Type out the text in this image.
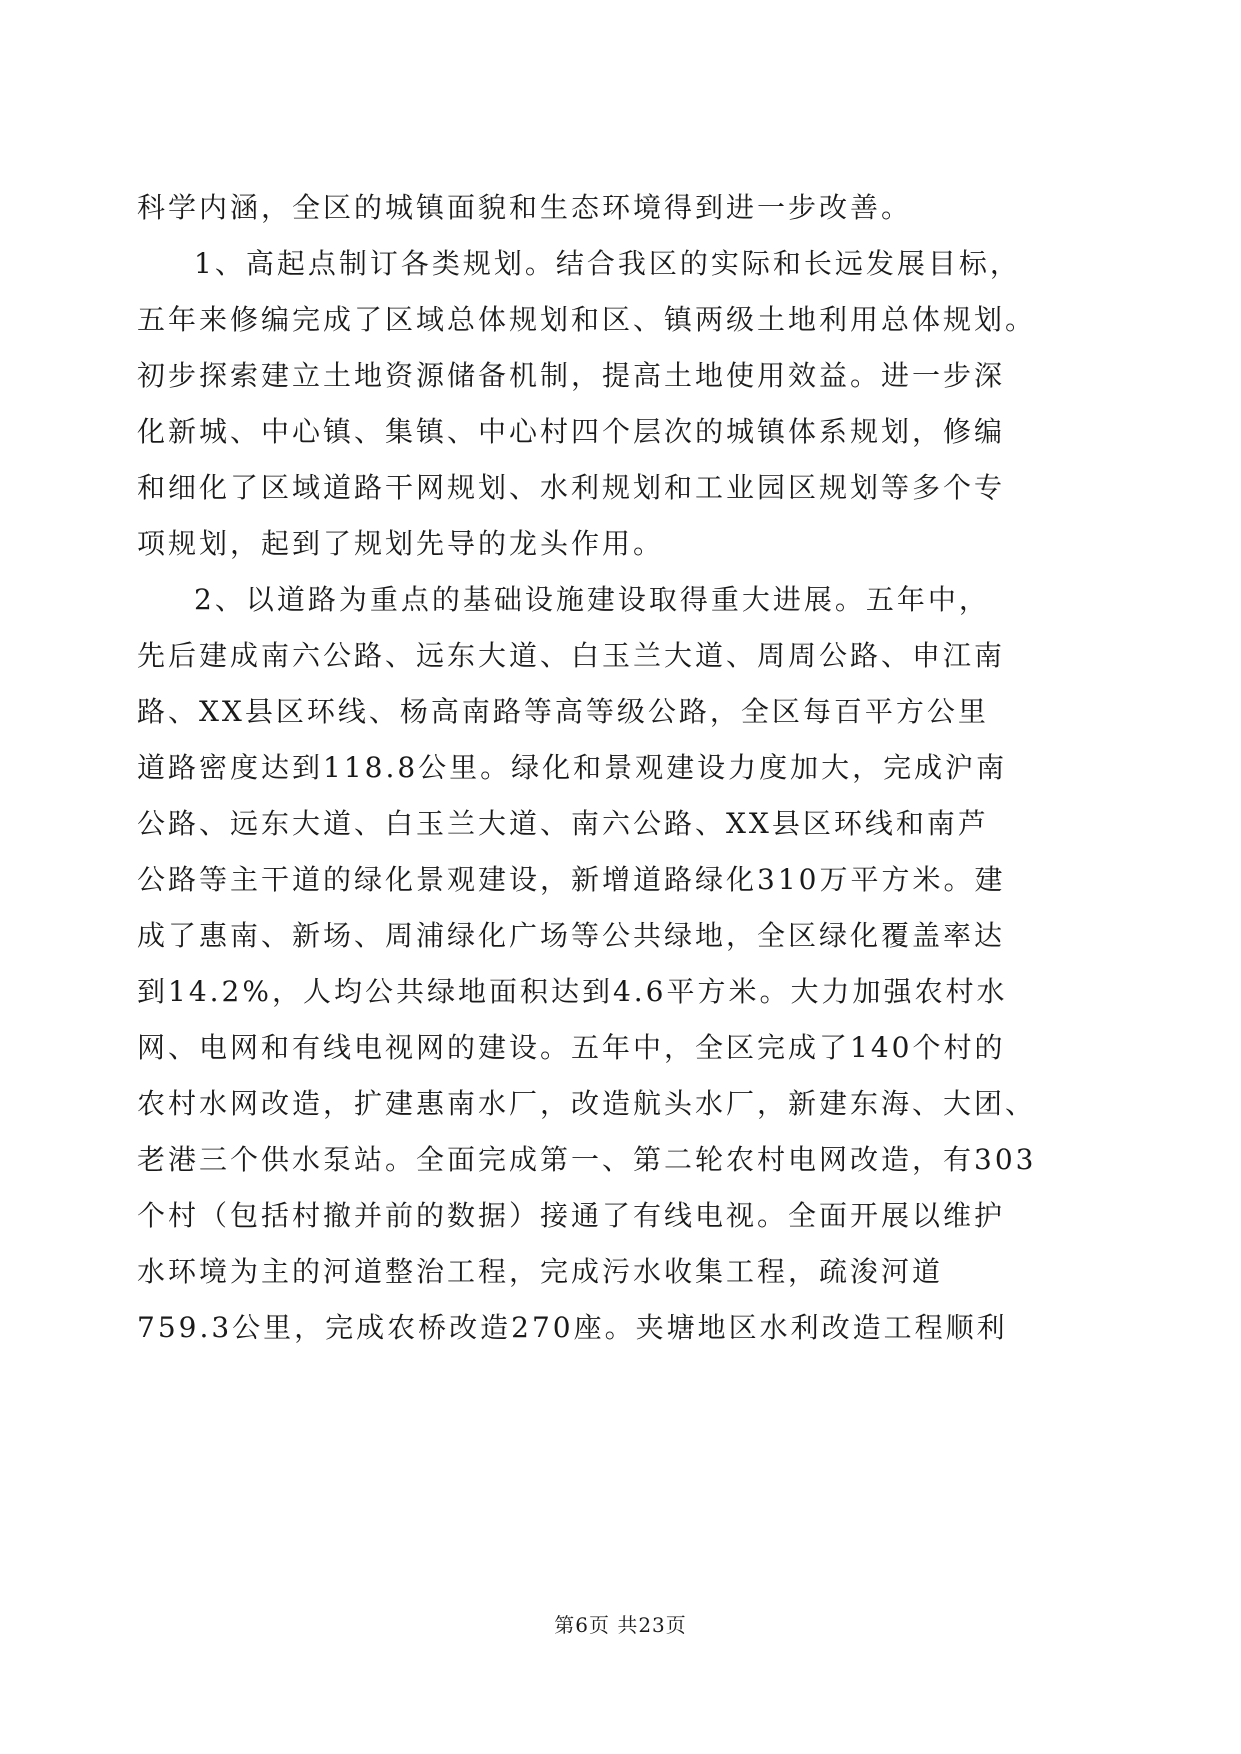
科学内涵，全区的城镇面貌和生态环境得到进一步改善。
1、高起点制订各类规划。结合我区的实际和长远发展目标，
五年来修编完成了区域总体规划和区、镇两级土地利用总体规划。
初步探索建立土地资源储备机制，提高土地使用效益。进一步深
化新城、中心镇、集镇、中心村四个层次的城镇体系规划，修编
和细化了区域道路干网规划、水利规划和工业园区规划等多个专
项规划，起到了规划先导的龙头作用。
2、以道路为重点的基础设施建设取得重大进展。五年中，
先后建成南六公路、远东大道、白玉兰大道、周周公路、申江南
路、XX县区环线、杨高南路等高等级公路，全区每百平方公里
道路密度达到118.8公里。绿化和景观建设力度加大，完成沪南
公路、远东大道、白玉兰大道、南六公路、XX县区环线和南芦
公路等主干道的绿化景观建设，新增道路绿化310万平方米。建
成了惠南、新场、周浦绿化广场等公共绿地，全区绿化覆盖率达
到14.2%，人均公共绿地面积达到4.6平方米。大力加强农村水
网、电网和有线电视网的建设。五年中，全区完成了140个村的
农村水网改造，扩建惠南水厂，改造航头水厂，新建东海、大团、
老港三个供水泵站。全面完成第一、第二轮农村电网改造，有303
个村（包括村撤并前的数据）接通了有线电视。全面开展以维护
水环境为主的河道整治工程，完成污水收集工程，疏浚河道
759.3公里，完成农桥改造270座。夹塘地区水利改造工程顺利
第6页 共23页
